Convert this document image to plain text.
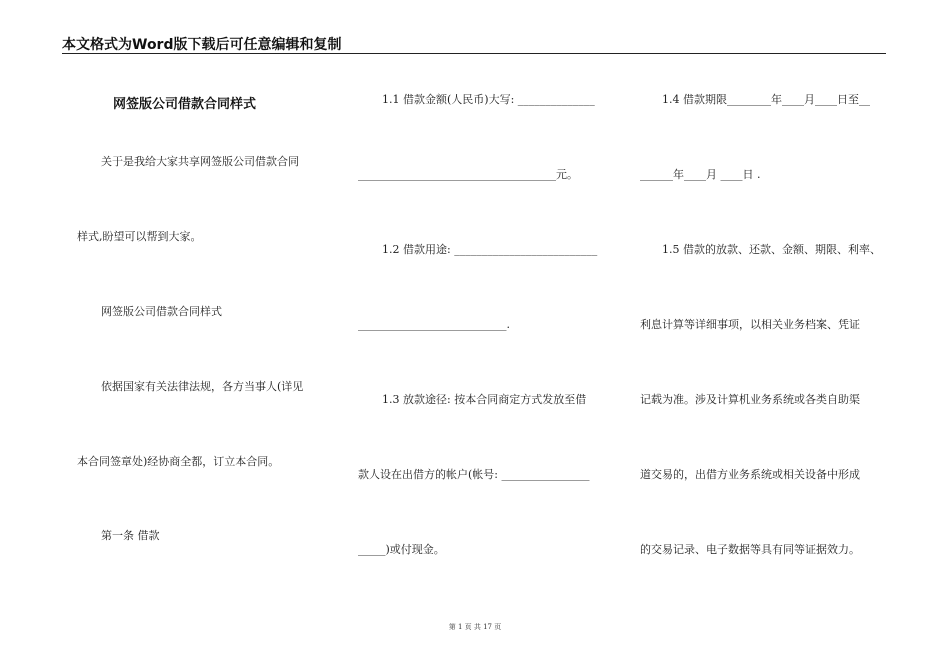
本文格式为Word版下载后可任意编辑和复制
网签版公司借款合同样式
关于是我给大家共享网签版公司借款合同
样式,盼望可以帮到大家。
网签版公司借款合同样式
依据国家有关法律法规，各方当事人(详见
本合同签章处)经协商全都，订立本合同。
第一条 借款
1.1 借款金额(人民币)大写: ______________
____________________________________元。
1.2 借款用途: __________________________
___________________________.
1.3 放款途径: 按本合同商定方式发放至借
款人设在出借方的帐户(帐号: ________________
_____)或付现金。
1.4 借款期限________年____月____日至__
______年____月 ____日 .
1.5 借款的放款、还款、金额、期限、利率、
利息计算等详细事项，以相关业务档案、凭证
记载为准。涉及计算机业务系统或各类自助渠
道交易的，出借方业务系统或相关设备中形成
的交易记录、电子数据等具有同等证据效力。
第 1 页 共 17 页
